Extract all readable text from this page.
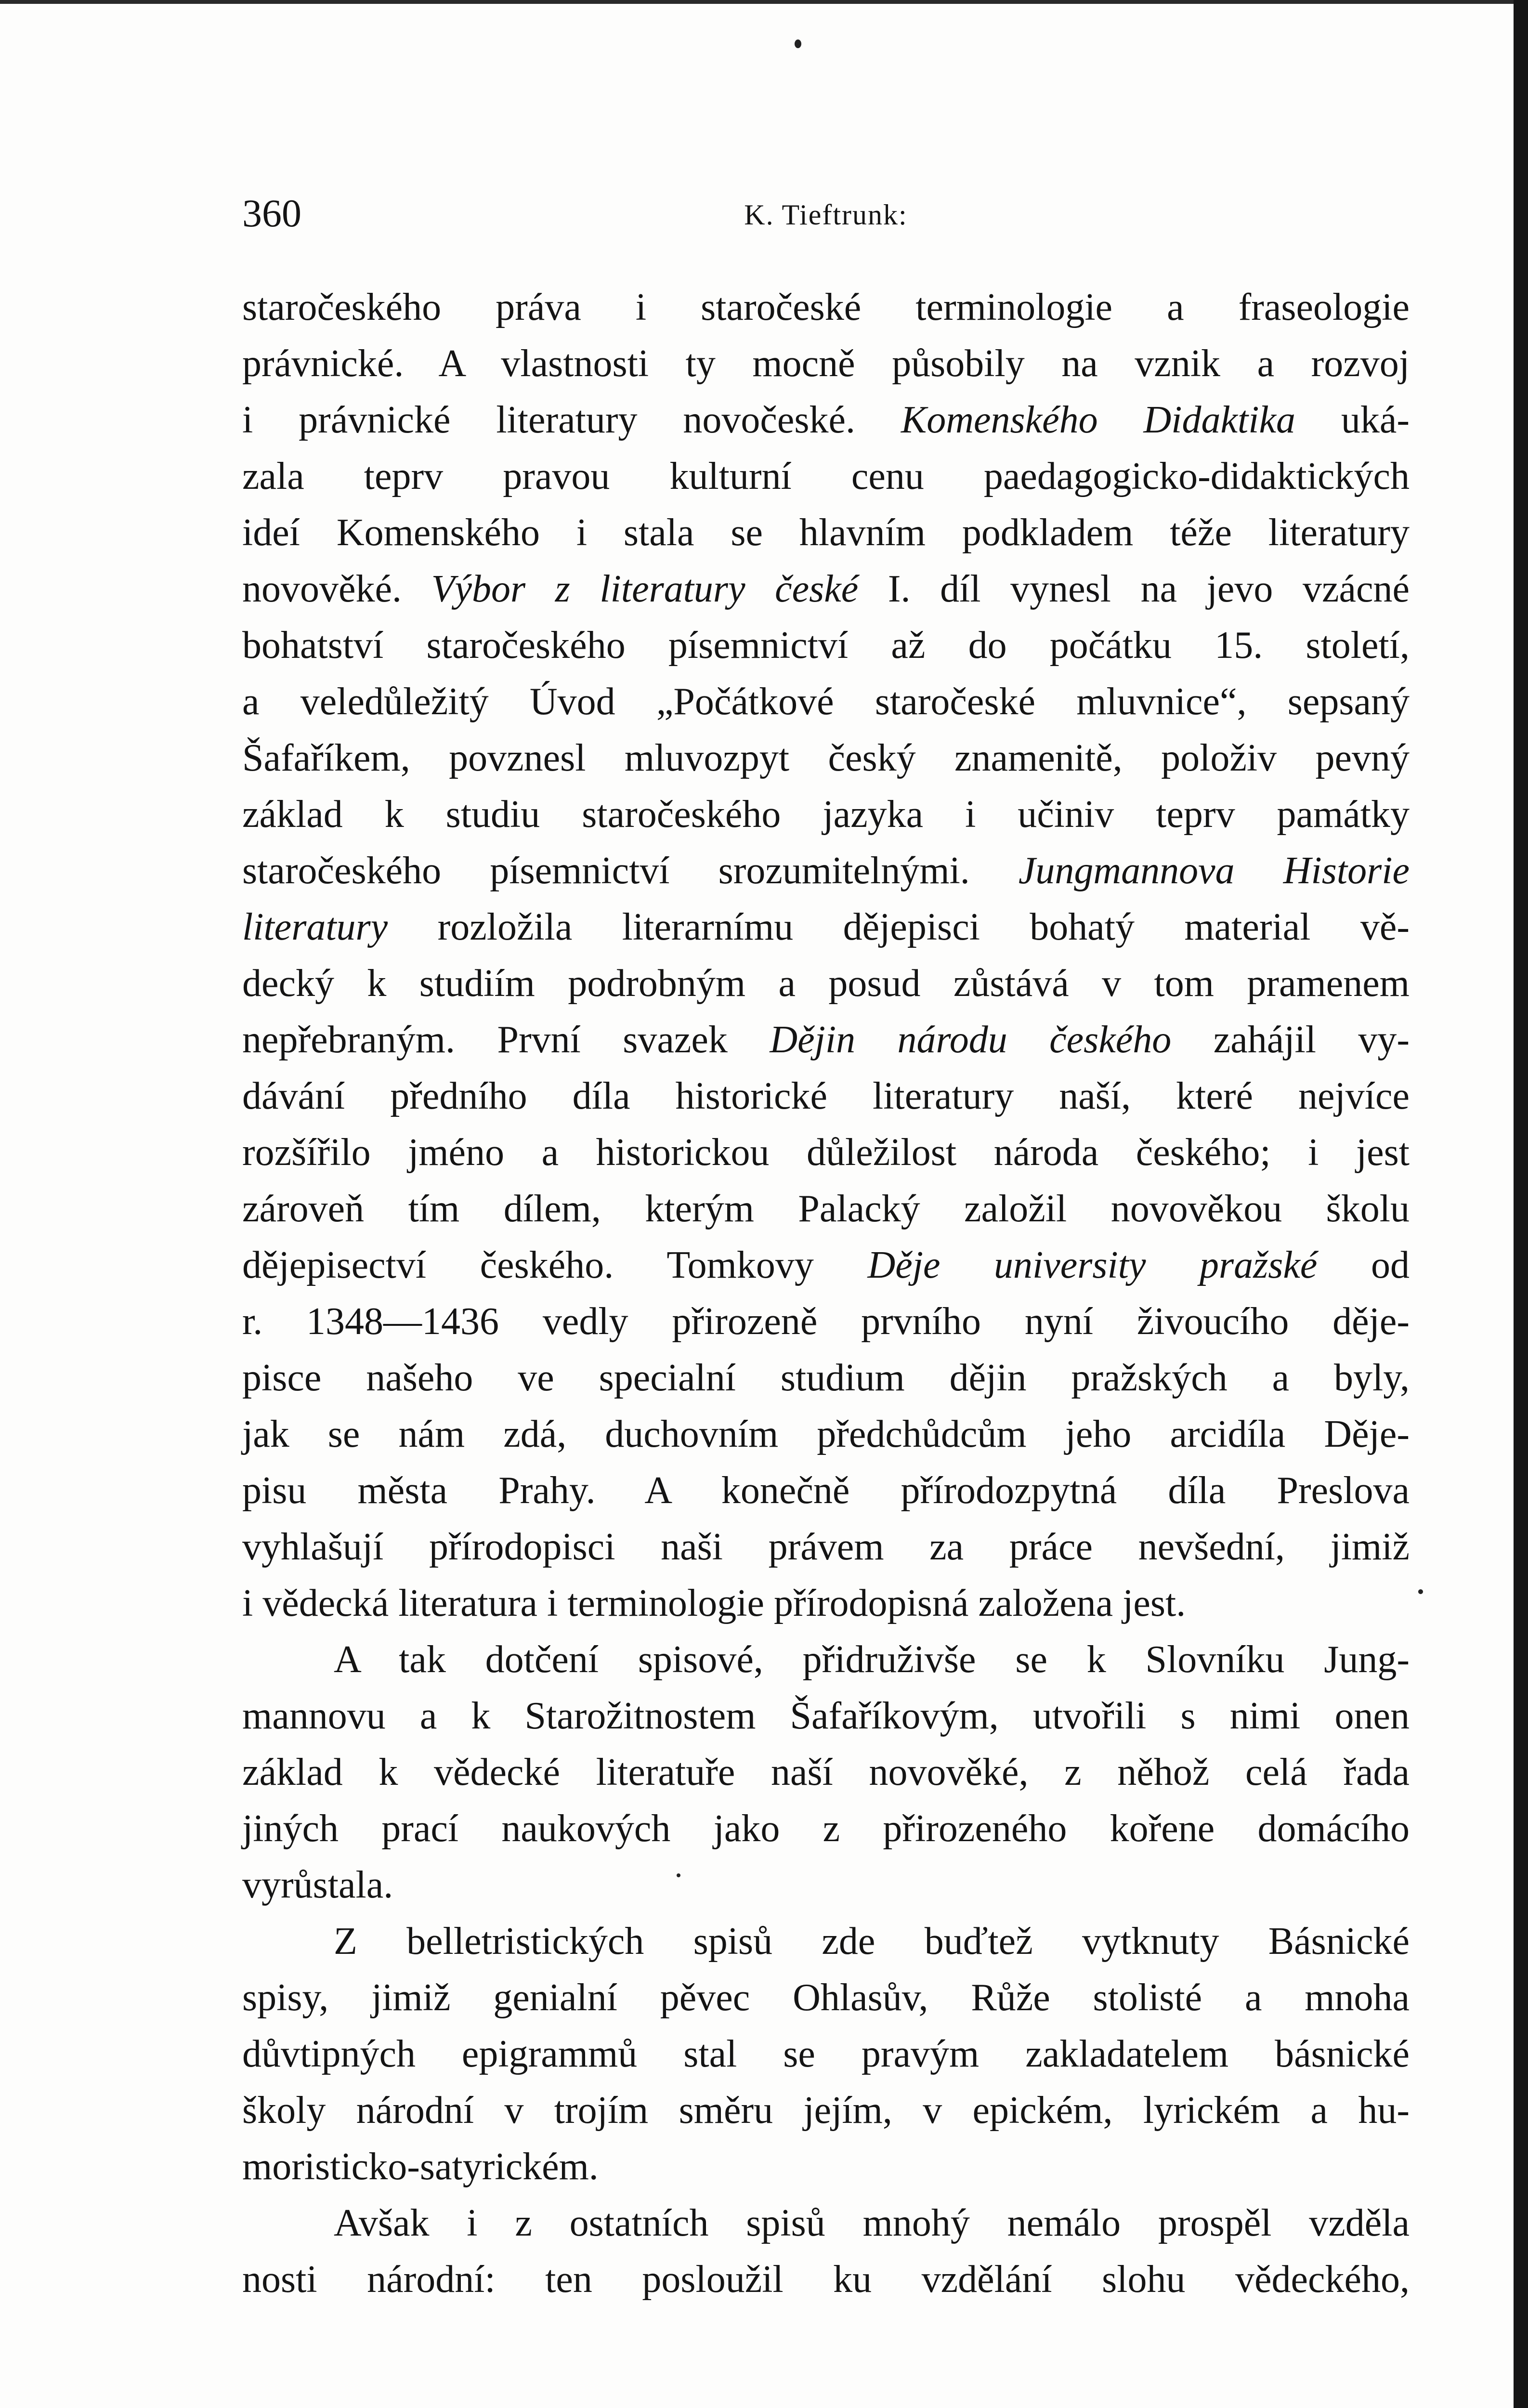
360	K. Tieftrunk:
staročeského práva i staročeské terminologie a fraseologie
právnické. A vlastnosti ty mocně působily na vznik a rozvoj
i právnické literatury novočeské. Komenského Didaktika uká-
zala teprv pravou kulturní cenu paedagogicko-didaktických
ideí Komenského i stala se hlavním podkladem téže literatury
novověké. Výbor z literatury české I. díl vynesl na jevo vzácné
bohatství staročeského písemnictví až do počátku 15. století,
a veledůležitý Úvod „Počátkové staročeské mluvnice“, sepsaný
Šafaříkem, povznesl mluvozpyt český znamenitě, položiv pevný
základ k studiu staročeského jazyka i učiniv teprv památky
staročeského písemnictví srozumitelnými. Jungmannova Historie
literatury rozložila literarnímu dějepisci bohatý material vě-
decký k studiím podrobným a posud zůstává v tom pramenem
nepřebraným. První svazek Dějin národu českého zahájil vy-
dávání předního díla historické literatury naší, které nejvíce
rozšířilo jméno a historickou důležilost národa českého; i jest
zároveň tím dílem, kterým Palacký založil novověkou školu
dějepisectví českého. Tomkovy Děje university pražské od
r. 1348—1436 vedly přirozeně prvního nyní živoucího děje-
pisce našeho ve specialní studium dějin pražských a byly,
jak se nám zdá, duchovním předchůdcům jeho arcidíla Děje-
pisu města Prahy. A konečně přírodozpytná díla Preslova
vyhlašují přírodopisci naši právem za práce nevšední, jimiž
i vědecká literatura i terminologie přírodopisná založena jest.
A tak dotčení spisové, přidruživše se k Slovníku Jung-
mannovu a k Starožitnostem Šafaříkovým, utvořili s nimi onen
základ k vědecké literatuře naší novověké, z něhož celá řada
jiných prací naukových jako z přirozeného kořene domácího
vyrůstala.
Z belletristických spisů zde buďtež vytknuty Básnické
spisy, jimiž genialní pěvec Ohlasův, Růže stolisté a mnoha
důvtipných epigrammů stal se pravým zakladatelem básnické
školy národní v trojím směru jejím, v epickém, lyrickém a hu-
moristicko-satyrickém.
Avšak i z ostatních spisů mnohý nemálo prospěl vzděla
nosti národní: ten posloužil ku vzdělání slohu vědeckého,
